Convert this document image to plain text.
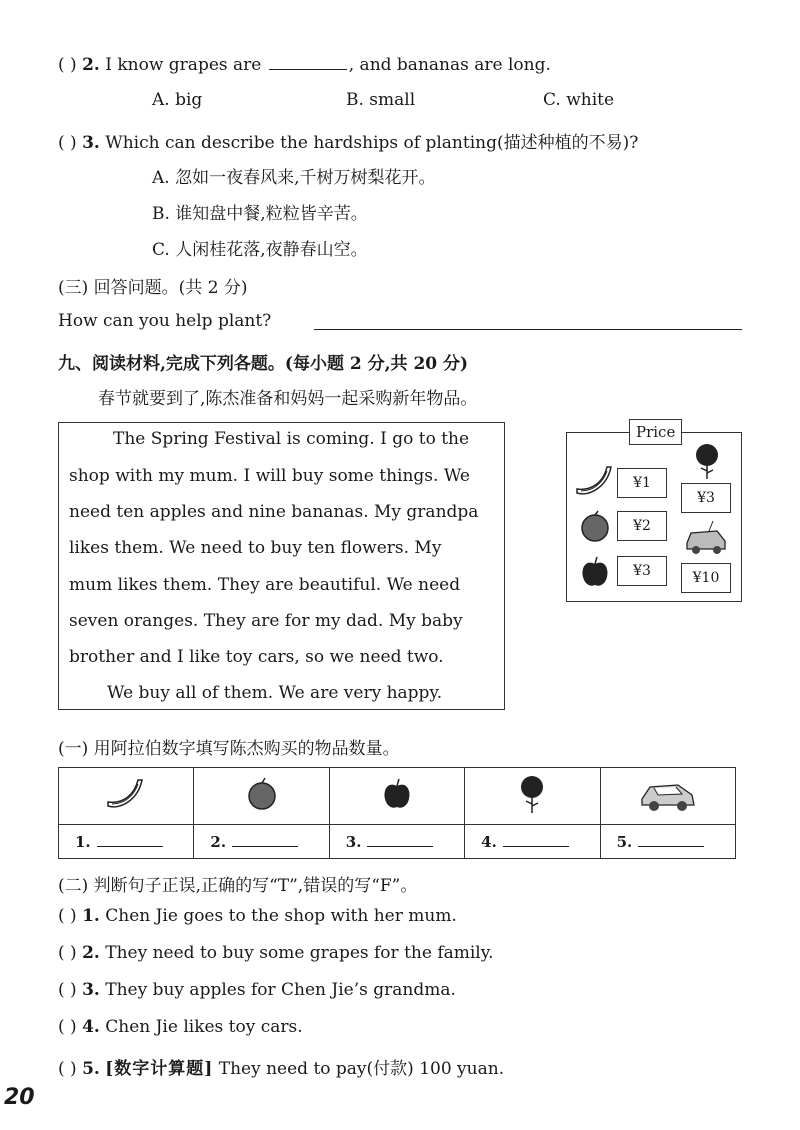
( ) 2. I know grapes are	, and bananas are long.
A. big	B. small	C. white
( ) 3. Which can describe the hardships of planting(描述种植的不易)?
A. 忽如一夜春风来,千树万树梨花开。
B. 谁知盘中餐,粒粒皆辛苦。
C. 人闲桂花落,夜静春山空。
(三) 回答问题。(共 2 分)
How can you help plant?
九、阅读材料,完成下列各题。(每小题 2 分,共 20 分)
春节就要到了,陈杰准备和妈妈一起采购新年物品。
The Spring Festival is coming. I go to the
shop with my mum. I will buy some things. We
need ten apples and nine bananas. My grandpa
likes them. We need to buy ten flowers. My
mum likes them. They are beautiful. We need
seven oranges. They are for my dad. My baby
brother and I like toy cars, so we need two.
We buy all of them. We are very happy.
Price
¥1
¥2
¥3
¥3
¥10
(一) 用阿拉伯数字填写陈杰购买的物品数量。

1.	2.	3.	4.	5.
(二) 判断句子正误,正确的写“T”,错误的写“F”。
( ) 1. Chen Jie goes to the shop with her mum.
( ) 2. They need to buy some grapes for the family.
( ) 3. They buy apples for Chen Jie’s grandma.
( ) 4. Chen Jie likes toy cars.
( ) 5. [数字计算题] They need to pay(付款) 100 yuan.
20
